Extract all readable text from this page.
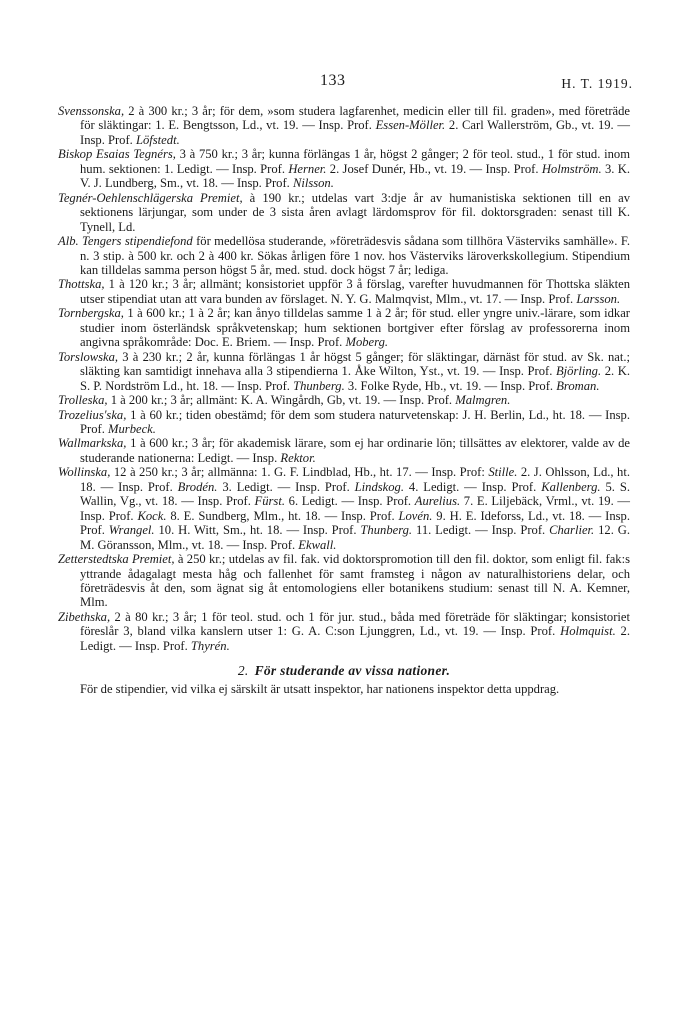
133	H. T. 1919.

Svenssonska, 2 à 300 kr.; 3 år; för dem, »som studera lagfarenhet, medicin eller till fil. graden», med företräde för släktingar: 1. E. Bengtsson, Ld., vt. 19. — Insp. Prof. Essen-Möller. 2. Carl Wallerström, Gb., vt. 19. — Insp. Prof. Löfstedt.

Biskop Esaias Tegnérs, 3 à 750 kr.; 3 år; kunna förlängas 1 år, högst 2 gånger; 2 för teol. stud., 1 för stud. inom hum. sektionen: 1. Ledigt. — Insp. Prof. Herner. 2. Josef Dunér, Hb., vt. 19. — Insp. Prof. Holmström. 3. K. V. J. Lundberg, Sm., vt. 18. — Insp. Prof. Nilsson.

Tegnér-Oehlenschlägerska Premiet, à 190 kr.; utdelas vart 3:dje år av humanistiska sektionen till en av sektionens lärjungar, som under de 3 sista åren avlagt lärdomsprov för fil. doktorsgraden: senast till K. Tynell, Ld.

Alb. Tengers stipendiefond för medellösa studerande, »företrädesvis sådana som tillhöra Västerviks samhälle». F. n. 3 stip. à 500 kr. och 2 à 400 kr. Sökas årligen före 1 nov. hos Västerviks läroverkskollegium. Stipendium kan tilldelas samma person högst 5 år, med. stud. dock högst 7 år; lediga.

Thottska, 1 à 120 kr.; 3 år; allmänt; konsistoriet uppför 3 å förslag, varefter huvudmannen för Thottska släkten utser stipendiat utan att vara bunden av förslaget. N. Y. G. Malmqvist, Mlm., vt. 17. — Insp. Prof. Larsson.

Tornbergska, 1 à 600 kr.; 1 à 2 år; kan ånyo tilldelas samme 1 à 2 år; för stud. eller yngre univ.-lärare, som idkar studier inom österländsk språkvetenskap; hum sektionen bortgiver efter förslag av professorerna inom angivna språkområde: Doc. E. Briem. — Insp. Prof. Moberg.

Torslowska, 3 à 230 kr.; 2 år, kunna förlängas 1 år högst 5 gånger; för släktingar, därnäst för stud. av Sk. nat.; släkting kan samtidigt innehava alla 3 stipendierna 1. Åke Wilton, Yst., vt. 19. — Insp. Prof. Björling. 2. K. S. P. Nordström Ld., ht. 18. — Insp. Prof. Thunberg. 3. Folke Ryde, Hb., vt. 19. — Insp. Prof. Broman.

Trolleska, 1 à 200 kr.; 3 år; allmänt: K. A. Wingårdh, Gb, vt. 19. — Insp. Prof. Malmgren.

Trozelius'ska, 1 à 60 kr.; tiden obestämd; för dem som studera naturvetenskap: J. H. Berlin, Ld., ht. 18. — Insp. Prof. Murbeck.

Wallmarkska, 1 à 600 kr.; 3 år; för akademisk lärare, som ej har ordinarie lön; tillsättes av elektorer, valde av de studerande nationerna: Ledigt. — Insp. Rektor.

Wollinska, 12 à 250 kr.; 3 år; allmänna: 1. G. F. Lindblad, Hb., ht. 17. — Insp. Prof: Stille. 2. J. Ohlsson, Ld., ht. 18. — Insp. Prof. Brodén. 3. Ledigt. — Insp. Prof. Lindskog. 4. Ledigt. — Insp. Prof. Kallenberg. 5. S. Wallin, Vg., vt. 18. — Insp. Prof. Fürst. 6. Ledigt. — Insp. Prof. Aurelius. 7. E. Liljebäck, Vrml., vt. 19. — Insp. Prof. Kock. 8. E. Sundberg, Mlm., ht. 18. — Insp. Prof. Lovén. 9. H. E. Ideforss, Ld., vt. 18. — Insp. Prof. Wrangel. 10. H. Witt, Sm., ht. 18. — Insp. Prof. Thunberg. 11. Ledigt. — Insp. Prof. Charlier. 12. G. M. Göransson, Mlm., vt. 18. — Insp. Prof. Ekwall.

Zetterstedtska Premiet, à 250 kr.; utdelas av fil. fak. vid doktorspromotion till den fil. doktor, som enligt fil. fak:s yttrande ådagalagt mesta håg och fallenhet för samt framsteg i någon av naturalhistoriens delar, och företrädesvis åt den, som ägnat sig åt entomologiens eller botanikens studium: senast till N. A. Kemner, Mlm.

Zibethska, 2 à 80 kr.; 3 år; 1 för teol. stud. och 1 för jur. stud., båda med företräde för släktingar; konsistoriet föreslår 3, bland vilka kanslern utser 1: G. A. C:son Ljunggren, Ld., vt. 19. — Insp. Prof. Holmquist. 2. Ledigt. — Insp. Prof. Thyrén.

2. För studerande av vissa nationer.

För de stipendier, vid vilka ej särskilt är utsatt inspektor, har nationens inspektor detta uppdrag.
